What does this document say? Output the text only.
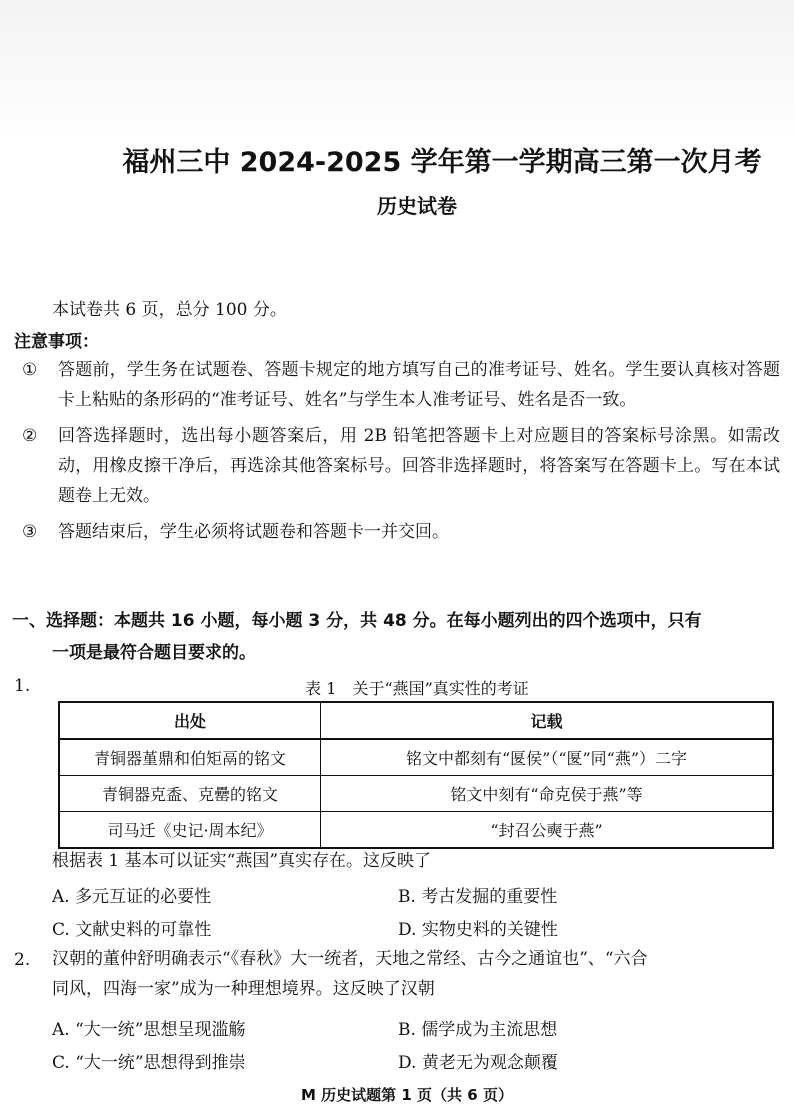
福州三中 2024-2025 学年第一学期高三第一次月考
历史试卷
本试卷共 6 页，总分 100 分。
注意事项：
① 答题前，学生务在试题卷、答题卡规定的地方填写自己的准考证号、姓名。学生要认真核对答题卡上粘贴的条形码的“准考证号、姓名”与学生本人准考证号、姓名是否一致。
② 回答选择题时，选出每小题答案后，用 2B 铅笔把答题卡上对应题目的答案标号涂黑。如需改动，用橡皮擦干净后，再选涂其他答案标号。回答非选择题时，将答案写在答题卡上。写在本试题卷上无效。
③ 答题结束后，学生必须将试题卷和答题卡一并交回。
一、选择题：本题共 16 小题，每小题 3 分，共 48 分。在每小题列出的四个选项中，只有
一项是最符合题目要求的。
1.	表 1　关于“燕国”真实性的考证
出处	记载
青铜器堇鼎和伯矩鬲的铭文	铭文中都刻有“匽侯”（“匽”同“燕”）二字
青铜器克盉、克罍的铭文	铭文中刻有“命克侯于燕”等
司马迁《史记·周本纪》	“封召公奭于燕”
根据表 1 基本可以证实“燕国”真实存在。这反映了
A. 多元互证的必要性	B. 考古发掘的重要性
C. 文献史料的可靠性	D. 实物史料的关键性
2. 汉朝的董仲舒明确表示“《春秋》大一统者，天地之常经、古今之通谊也”、“六合
同风，四海一家”成为一种理想境界。这反映了汉朝
A. “大一统”思想呈现滥觞	B. 儒学成为主流思想
C. “大一统”思想得到推崇	D. 黄老无为观念颠覆
M 历史试题第 1 页（共 6 页）
